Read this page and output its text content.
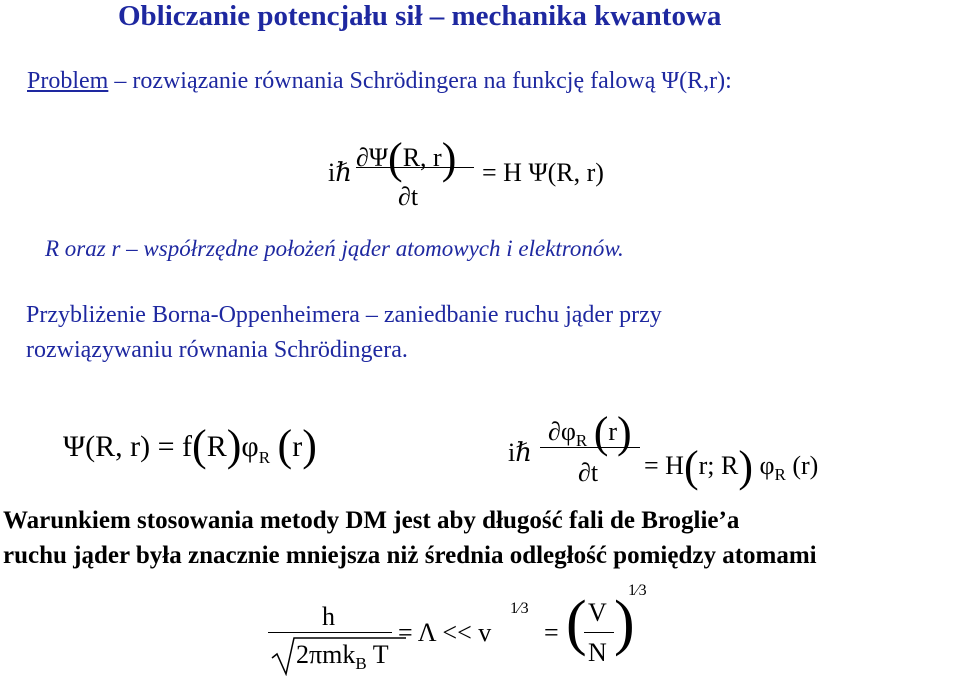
Obliczanie potencjału sił – mechanika kwantowa
Problem – rozwiązanie równania Schrödingera na funkcję falową Ψ(R,r):
iℏ
∂Ψ(R, r)
∂t
= H Ψ(R, r)
R oraz r – współrzędne położeń jąder atomowych i elektronów.
Przybliżenie Borna-Oppenheimera – zaniedbanie ruchu jąder przy
rozwiązywaniu równania Schrödingera.
Ψ(R, $r) = f(R)\varphi_R$ (r)	iℏ
$\partial\varphi_R$ (r)
∂t = H(r; R) $\varphi_R$ (r)
Warunkiem stosowania metody DM jest aby długość fali de Broglie’a
ruchu jąder była znacznie mniejsza niż średnia odległość pomiędzy atomami
h
2πmk$_B$ T
= Λ << v
1⁄3
= ( V
N )
1⁄3
